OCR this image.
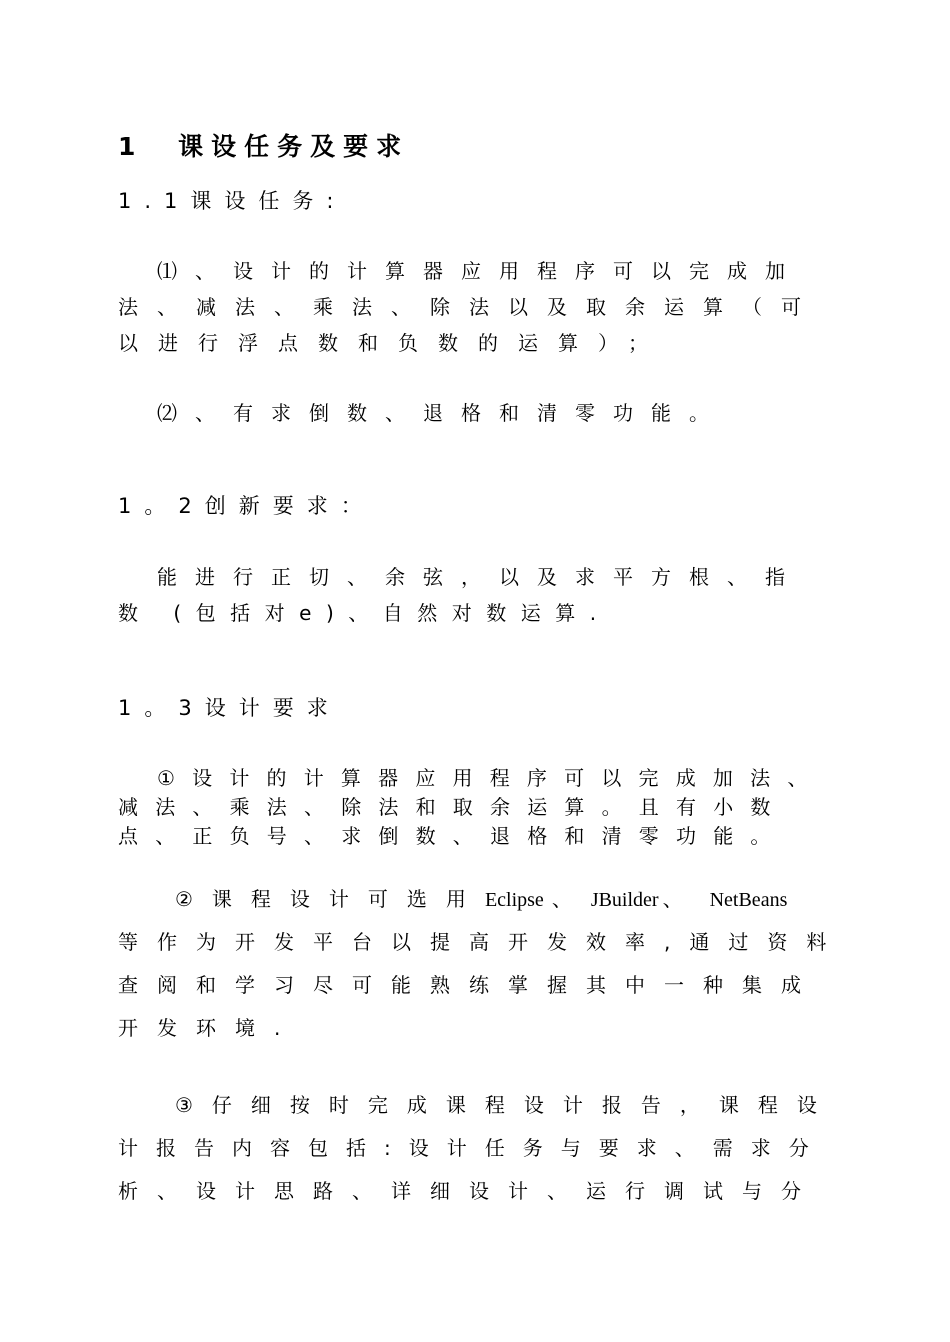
1 课设任务及要求
1.1课设任务:
⑴、设计的计算器应用程序可以完成加
法、减法、乘法、除法以及取余运算（可
以进行浮点数和负数的运算）；
⑵、有求倒数、退格和清零功能。
1。2创新要求：
能进行正切、余弦，以及求平方根、指
数 (包括对e)、自然对数运算.
1。3设计要求
①设计的计算器应用程序可以完成加法、
减法、乘法、除法和取余运算。且有小数
点、正负号、求倒数、退格和清零功能。
②课程设计可选用Eclipse 、JBuilder 、 NetBeans
等作为开发平台以提高开发效率,通过资料
查阅和学习尽可能熟练掌握其中一种集成
开发环境.
③仔细按时完成课程设计报告，课程设
计报告内容包括:设计任务与要求、需求分
析、设计思路、详细设计、运行调试与分
